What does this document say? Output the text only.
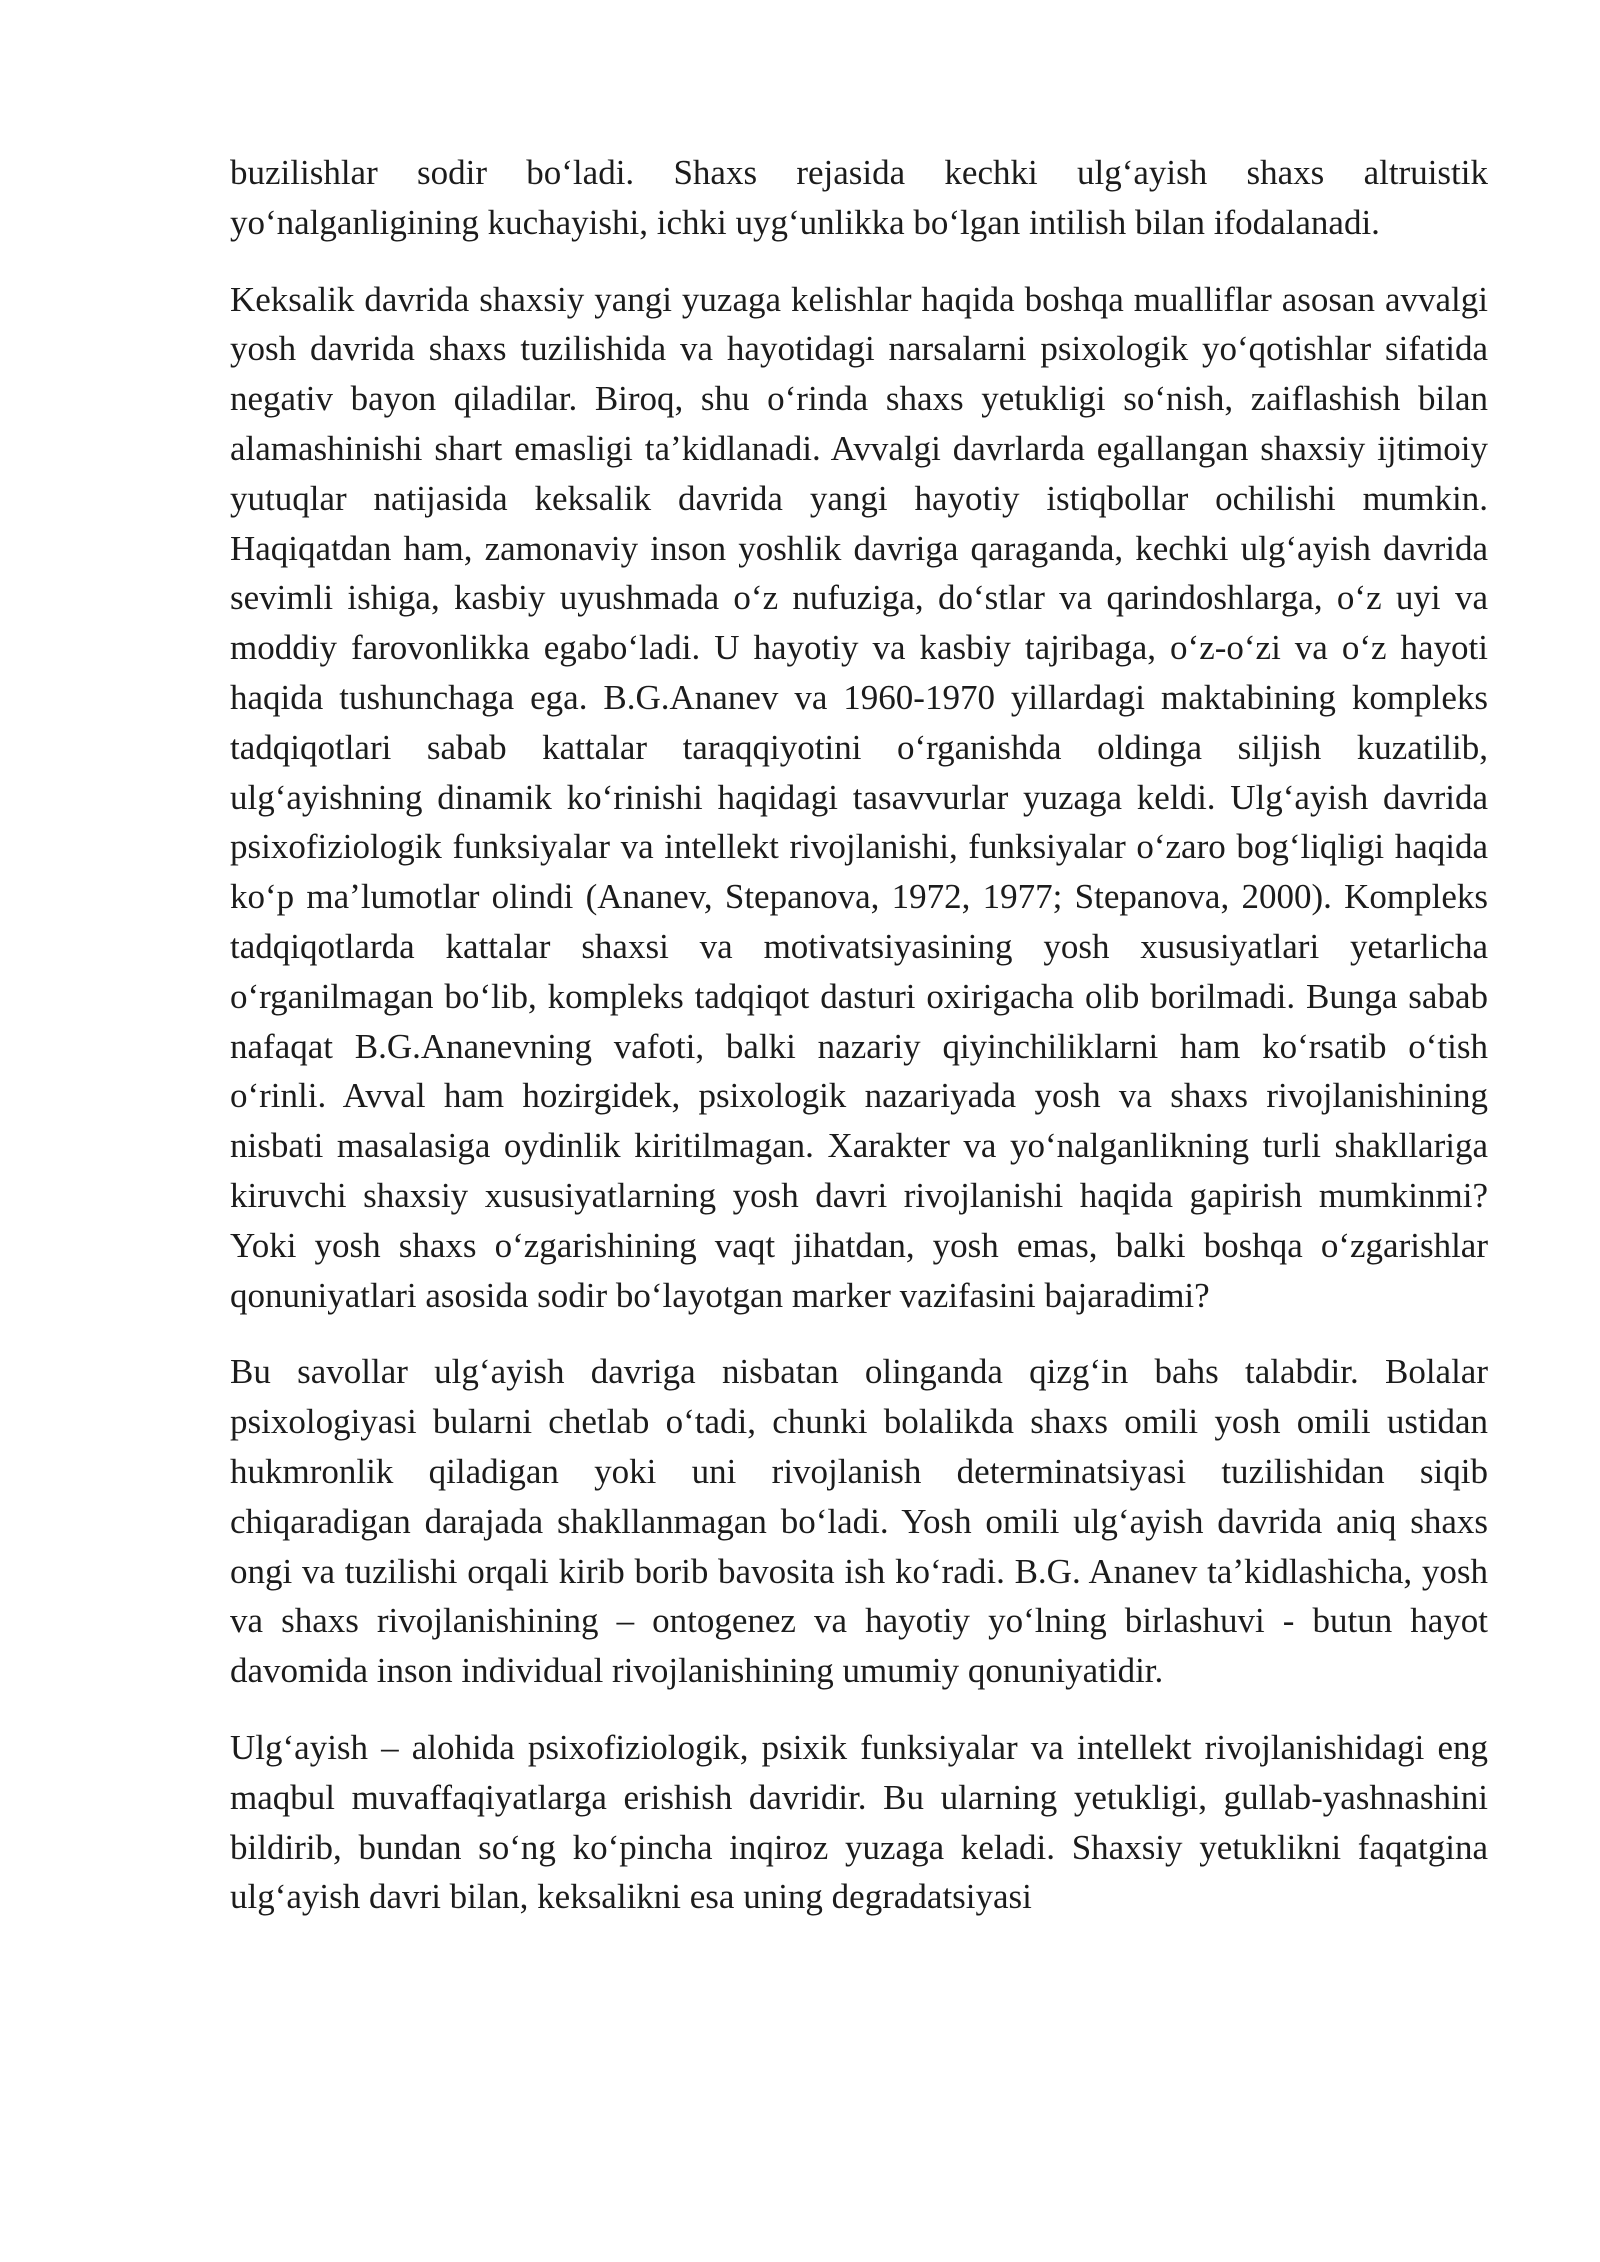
buzilishlar sodir boʻladi. Shaxs rejasida kechki ulgʻayish shaxs altruistik yoʻnalganligining kuchayishi, ichki uygʻunlikka boʻlgan intilish bilan ifodalanadi.

Keksalik davrida shaxsiy yangi yuzaga kelishlar haqida boshqa mualliflar asosan avvalgi yosh davrida shaxs tuzilishida va hayotidagi narsalarni psixologik yoʻqotishlar sifatida negativ bayon qiladilar. Biroq, shu oʻrinda shaxs yetukligi soʻnish, zaiflashish bilan alamashinishi shart emasligi taʼkidlanadi. Avvalgi davrlarda egallangan shaxsiy ijtimoiy yutuqlar natijasida keksalik davrida yangi hayotiy istiqbollar ochilishi mumkin. Haqiqatdan ham, zamonaviy inson yoshlik davriga qaraganda, kechki ulgʻayish davrida sevimli ishiga, kasbiy uyushmada oʻz nufuziga, doʻstlar va qarindoshlarga, oʻz uyi va moddiy farovonlikka egaboʻladi. U hayotiy va kasbiy tajribaga, oʻz-oʻzi va oʻz hayoti haqida tushunchaga ega. B.G.Ananev va 1960-1970 yillardagi maktabining kompleks tadqiqotlari sabab kattalar taraqqiyotini oʻrganishda oldinga siljish kuzatilib, ulgʻayishning dinamik koʻrinishi haqidagi tasavvurlar yuzaga keldi. Ulgʻayish davrida psixofiziologik funksiyalar va intellekt rivojlanishi, funksiyalar oʻzaro bogʻliqligi haqida koʻp maʼlumotlar olindi (Ananev, Stepanova, 1972, 1977; Stepanova, 2000). Kompleks tadqiqotlarda kattalar shaxsi va motivatsiyasining yosh xususiyatlari yetarlicha oʻrganilmagan boʻlib, kompleks tadqiqot dasturi oxirigacha olib borilmadi. Bunga sabab nafaqat B.G.Ananevning vafoti, balki nazariy qiyinchiliklarni ham koʻrsatib oʻtish oʻrinli. Avval ham hozirgidek, psixologik nazariyada yosh va shaxs rivojlanishining nisbati masalasiga oydinlik kiritilmagan. Xarakter va yoʻnalganlikning turli shakllariga kiruvchi shaxsiy xususiyatlarning yosh davri rivojlanishi haqida gapirish mumkinmi? Yoki yosh shaxs oʻzgarishining vaqt jihatdan, yosh emas, balki boshqa oʻzgarishlar qonuniyatlari asosida sodir boʻlayotgan marker vazifasini bajaradimi?

Bu savollar ulgʻayish davriga nisbatan olinganda qizgʻin bahs talabdir. Bolalar psixologiyasi bularni chetlab oʻtadi, chunki bolalikda shaxs omili yosh omili ustidan hukmronlik qiladigan yoki uni rivojlanish determinatsiyasi tuzilishidan siqib chiqaradigan darajada shakllanmagan boʻladi. Yosh omili ulgʻayish davrida aniq shaxs ongi va tuzilishi orqali kirib borib bavosita ish koʻradi. B.G. Ananev taʼkidlashicha, yosh va shaxs rivojlanishining – ontogenez va hayotiy yoʻlning birlashuvi - butun hayot davomida inson individual rivojlanishining umumiy qonuniyatidir.

Ulgʻayish – alohida psixofiziologik, psixik funksiyalar va intellekt rivojlanishidagi eng maqbul muvaffaqiyatlarga erishish davridir. Bu ularning yetukligi, gullab-yashnashini bildirib, bundan soʻng koʻpincha inqiroz yuzaga keladi. Shaxsiy yetuklikni faqatgina ulgʻayish davri bilan, keksalikni esa uning degradatsiyasi
